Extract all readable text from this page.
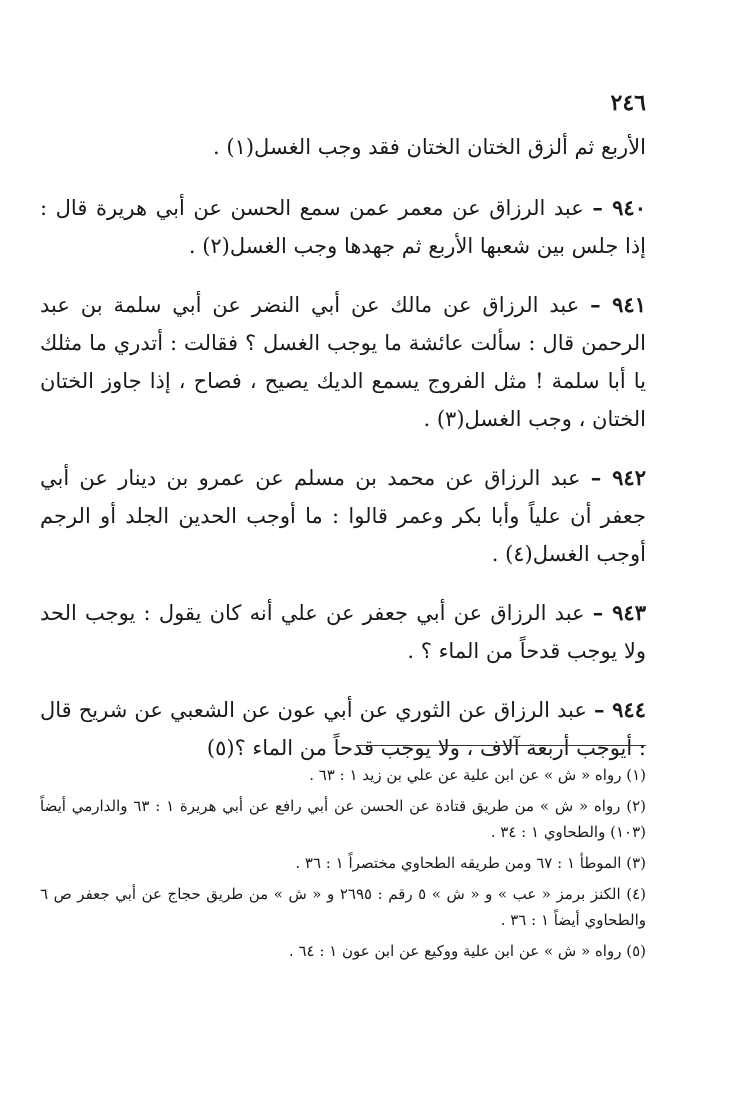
٢٤٦

الأربع ثم ألزق الختان الختان فقد وجب الغسل(١) .

٩٤٠ – عبد الرزاق عن معمر عمن سمع الحسن عن أبي هريرة قال : إذا جلس بين شعبها الأربع ثم جهدها وجب الغسل(٢) .

٩٤١ – عبد الرزاق عن مالك عن أبي النضر عن أبي سلمة بن عبد الرحمن قال : سألت عائشة ما يوجب الغسل ؟ فقالت : أتدري ما مثلك يا أبا سلمة ! مثل الفروج يسمع الديك يصيح ، فصاح ، إذا جاوز الختان الختان ، وجب الغسل(٣) .

٩٤٢ – عبد الرزاق عن محمد بن مسلم عن عمرو بن دينار عن أبي جعفر أن علياً وأبا بكر وعمر قالوا : ما أوجب الحدين الجلد أو الرجم أوجب الغسل(٤) .

٩٤٣ – عبد الرزاق عن أبي جعفر عن علي أنه كان يقول : يوجب الحد ولا يوجب قدحاً من الماء ؟ .

٩٤٤ – عبد الرزاق عن الثوري عن أبي عون عن الشعبي عن شريح قال : أيوجب أربعة آلاف ، ولا يوجب قدحاً من الماء ؟(٥)

(١) رواه « ش » عن ابن علية عن علي بن زيد ١ : ٦٣ .

(٢) رواه « ش » من طريق قتادة عن الحسن عن أبي رافع عن أبي هريرة ١ : ٦٣ والدارمي أيضاً (١٠٣) والطحاوي ١ : ٣٤ .

(٣) الموطأ ١ : ٦٧ ومن طريقه الطحاوي مختصراً ١ : ٣٦ .

(٤) الكنز برمز « عب » و « ش » ٥ رقم : ٢٦٩٥ و « ش » من طريق حجاج عن أبي جعفر ص ٦ والطحاوي أيضاً ١ : ٣٦ .

(٥) رواه « ش » عن ابن علية ووكيع عن ابن عون ١ : ٦٤ .
